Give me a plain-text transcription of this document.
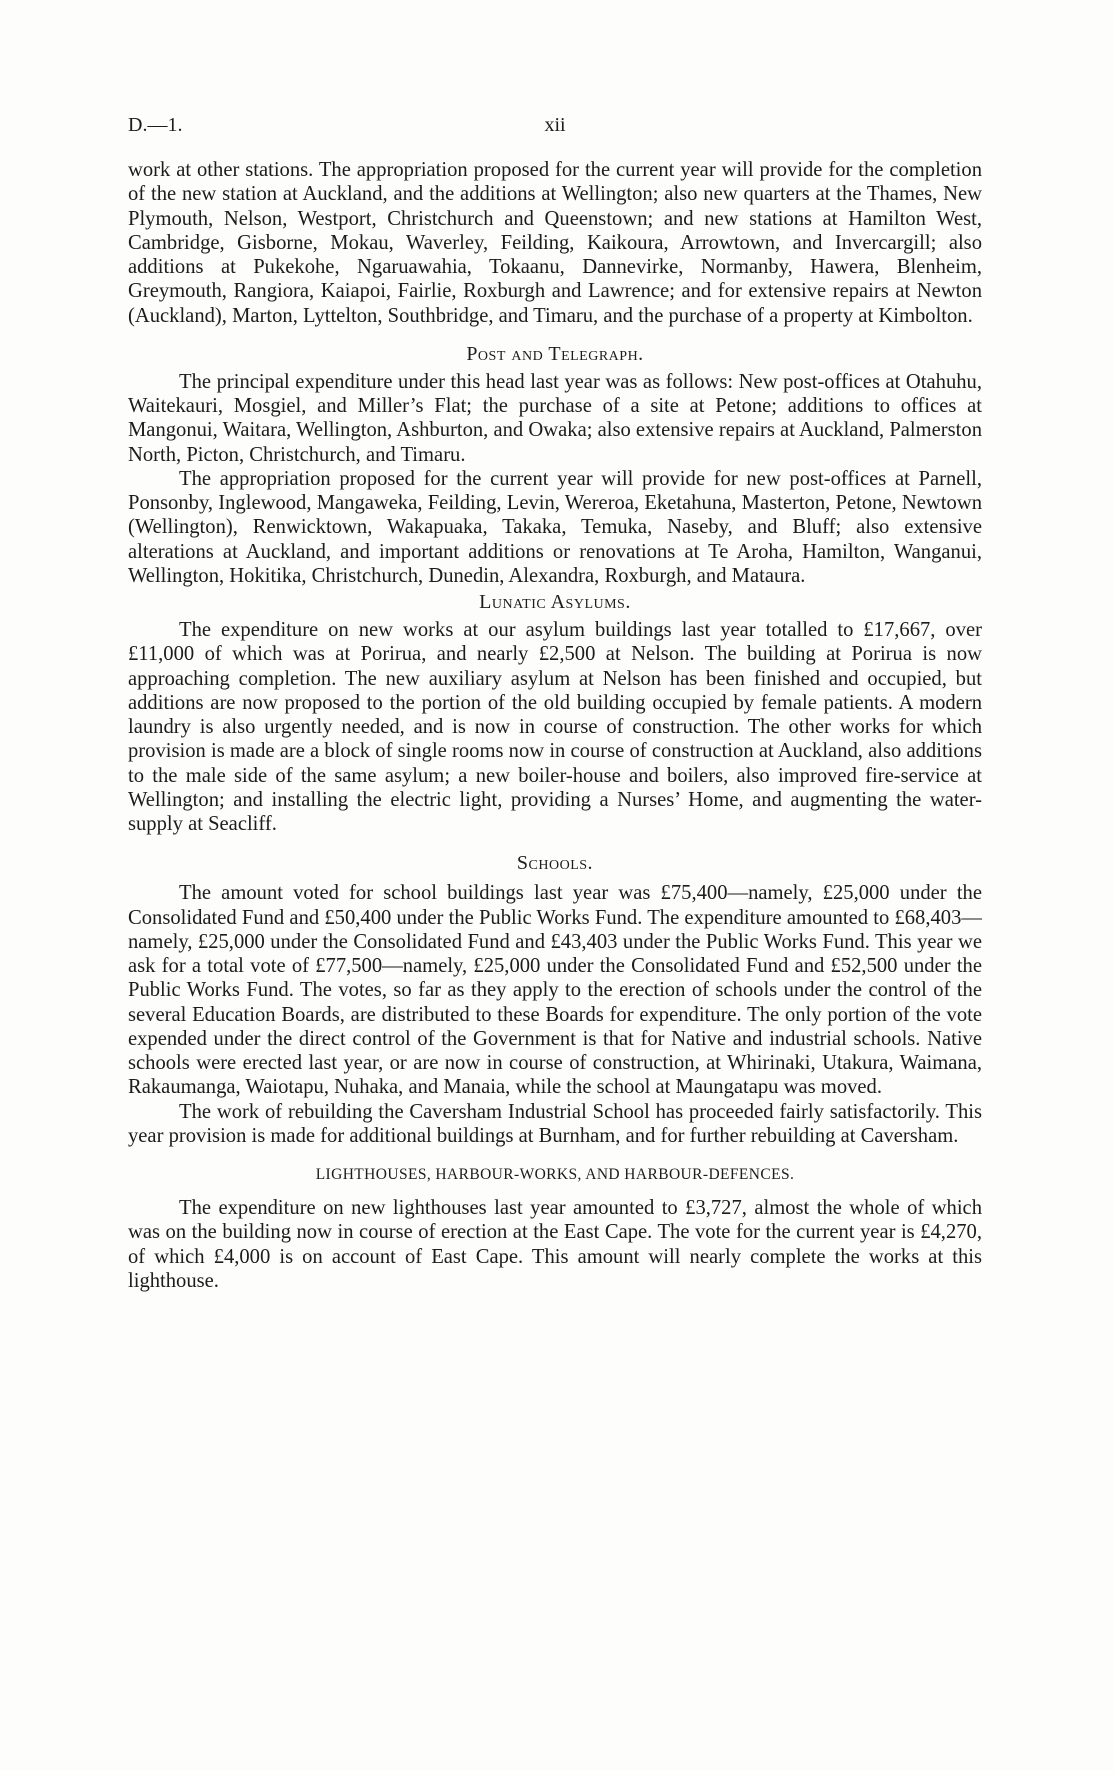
D.—1.	xii

work at other stations. The appropriation proposed for the current year will provide for the completion of the new station at Auckland, and the additions at Wellington; also new quarters at the Thames, New Plymouth, Nelson, Westport, Christchurch and Queenstown; and new stations at Hamilton West, Cambridge, Gisborne, Mokau, Waverley, Feilding, Kaikoura, Arrowtown, and Invercargill; also additions at Pukekohe, Ngaruawahia, Tokaanu, Dannevirke, Normanby, Hawera, Blenheim, Greymouth, Rangiora, Kaiapoi, Fairlie, Roxburgh and Lawrence; and for extensive repairs at Newton (Auckland), Marton, Lyttelton, Southbridge, and Timaru, and the purchase of a property at Kimbolton.

Post and Telegraph.

The principal expenditure under this head last year was as follows: New post-offices at Otahuhu, Waitekauri, Mosgiel, and Miller’s Flat; the purchase of a site at Petone; additions to offices at Mangonui, Waitara, Wellington, Ashburton, and Owaka; also extensive repairs at Auckland, Palmerston North, Picton, Christchurch, and Timaru.

The appropriation proposed for the current year will provide for new post-offices at Parnell, Ponsonby, Inglewood, Mangaweka, Feilding, Levin, Wereroa, Eketahuna, Masterton, Petone, Newtown (Wellington), Renwicktown, Wakapuaka, Takaka, Temuka, Naseby, and Bluff; also extensive alterations at Auckland, and important additions or renovations at Te Aroha, Hamilton, Wanganui, Wellington, Hokitika, Christchurch, Dunedin, Alexandra, Roxburgh, and Mataura.

Lunatic Asylums.

The expenditure on new works at our asylum buildings last year totalled to £17,667, over £11,000 of which was at Porirua, and nearly £2,500 at Nelson. The building at Porirua is now approaching completion. The new auxiliary asylum at Nelson has been finished and occupied, but additions are now proposed to the portion of the old building occupied by female patients. A modern laundry is also urgently needed, and is now in course of construction. The other works for which provision is made are a block of single rooms now in course of construction at Auckland, also additions to the male side of the same asylum; a new boiler-house and boilers, also improved fire-service at Wellington; and installing the electric light, providing a Nurses’ Home, and augmenting the water-supply at Seacliff.

Schools.

The amount voted for school buildings last year was £75,400—namely, £25,000 under the Consolidated Fund and £50,400 under the Public Works Fund. The expenditure amounted to £68,403—namely, £25,000 under the Consolidated Fund and £43,403 under the Public Works Fund. This year we ask for a total vote of £77,500—namely, £25,000 under the Consolidated Fund and £52,500 under the Public Works Fund. The votes, so far as they apply to the erection of schools under the control of the several Education Boards, are distributed to these Boards for expenditure. The only portion of the vote expended under the direct control of the Government is that for Native and industrial schools. Native schools were erected last year, or are now in course of construction, at Whirinaki, Utakura, Waimana, Rakaumanga, Waiotapu, Nuhaka, and Manaia, while the school at Maungatapu was moved.

The work of rebuilding the Caversham Industrial School has proceeded fairly satisfactorily. This year provision is made for additional buildings at Burnham, and for further rebuilding at Caversham.

LIGHTHOUSES, HARBOUR-WORKS, AND HARBOUR-DEFENCES.

The expenditure on new lighthouses last year amounted to £3,727, almost the whole of which was on the building now in course of erection at the East Cape. The vote for the current year is £4,270, of which £4,000 is on account of East Cape. This amount will nearly complete the works at this lighthouse.
